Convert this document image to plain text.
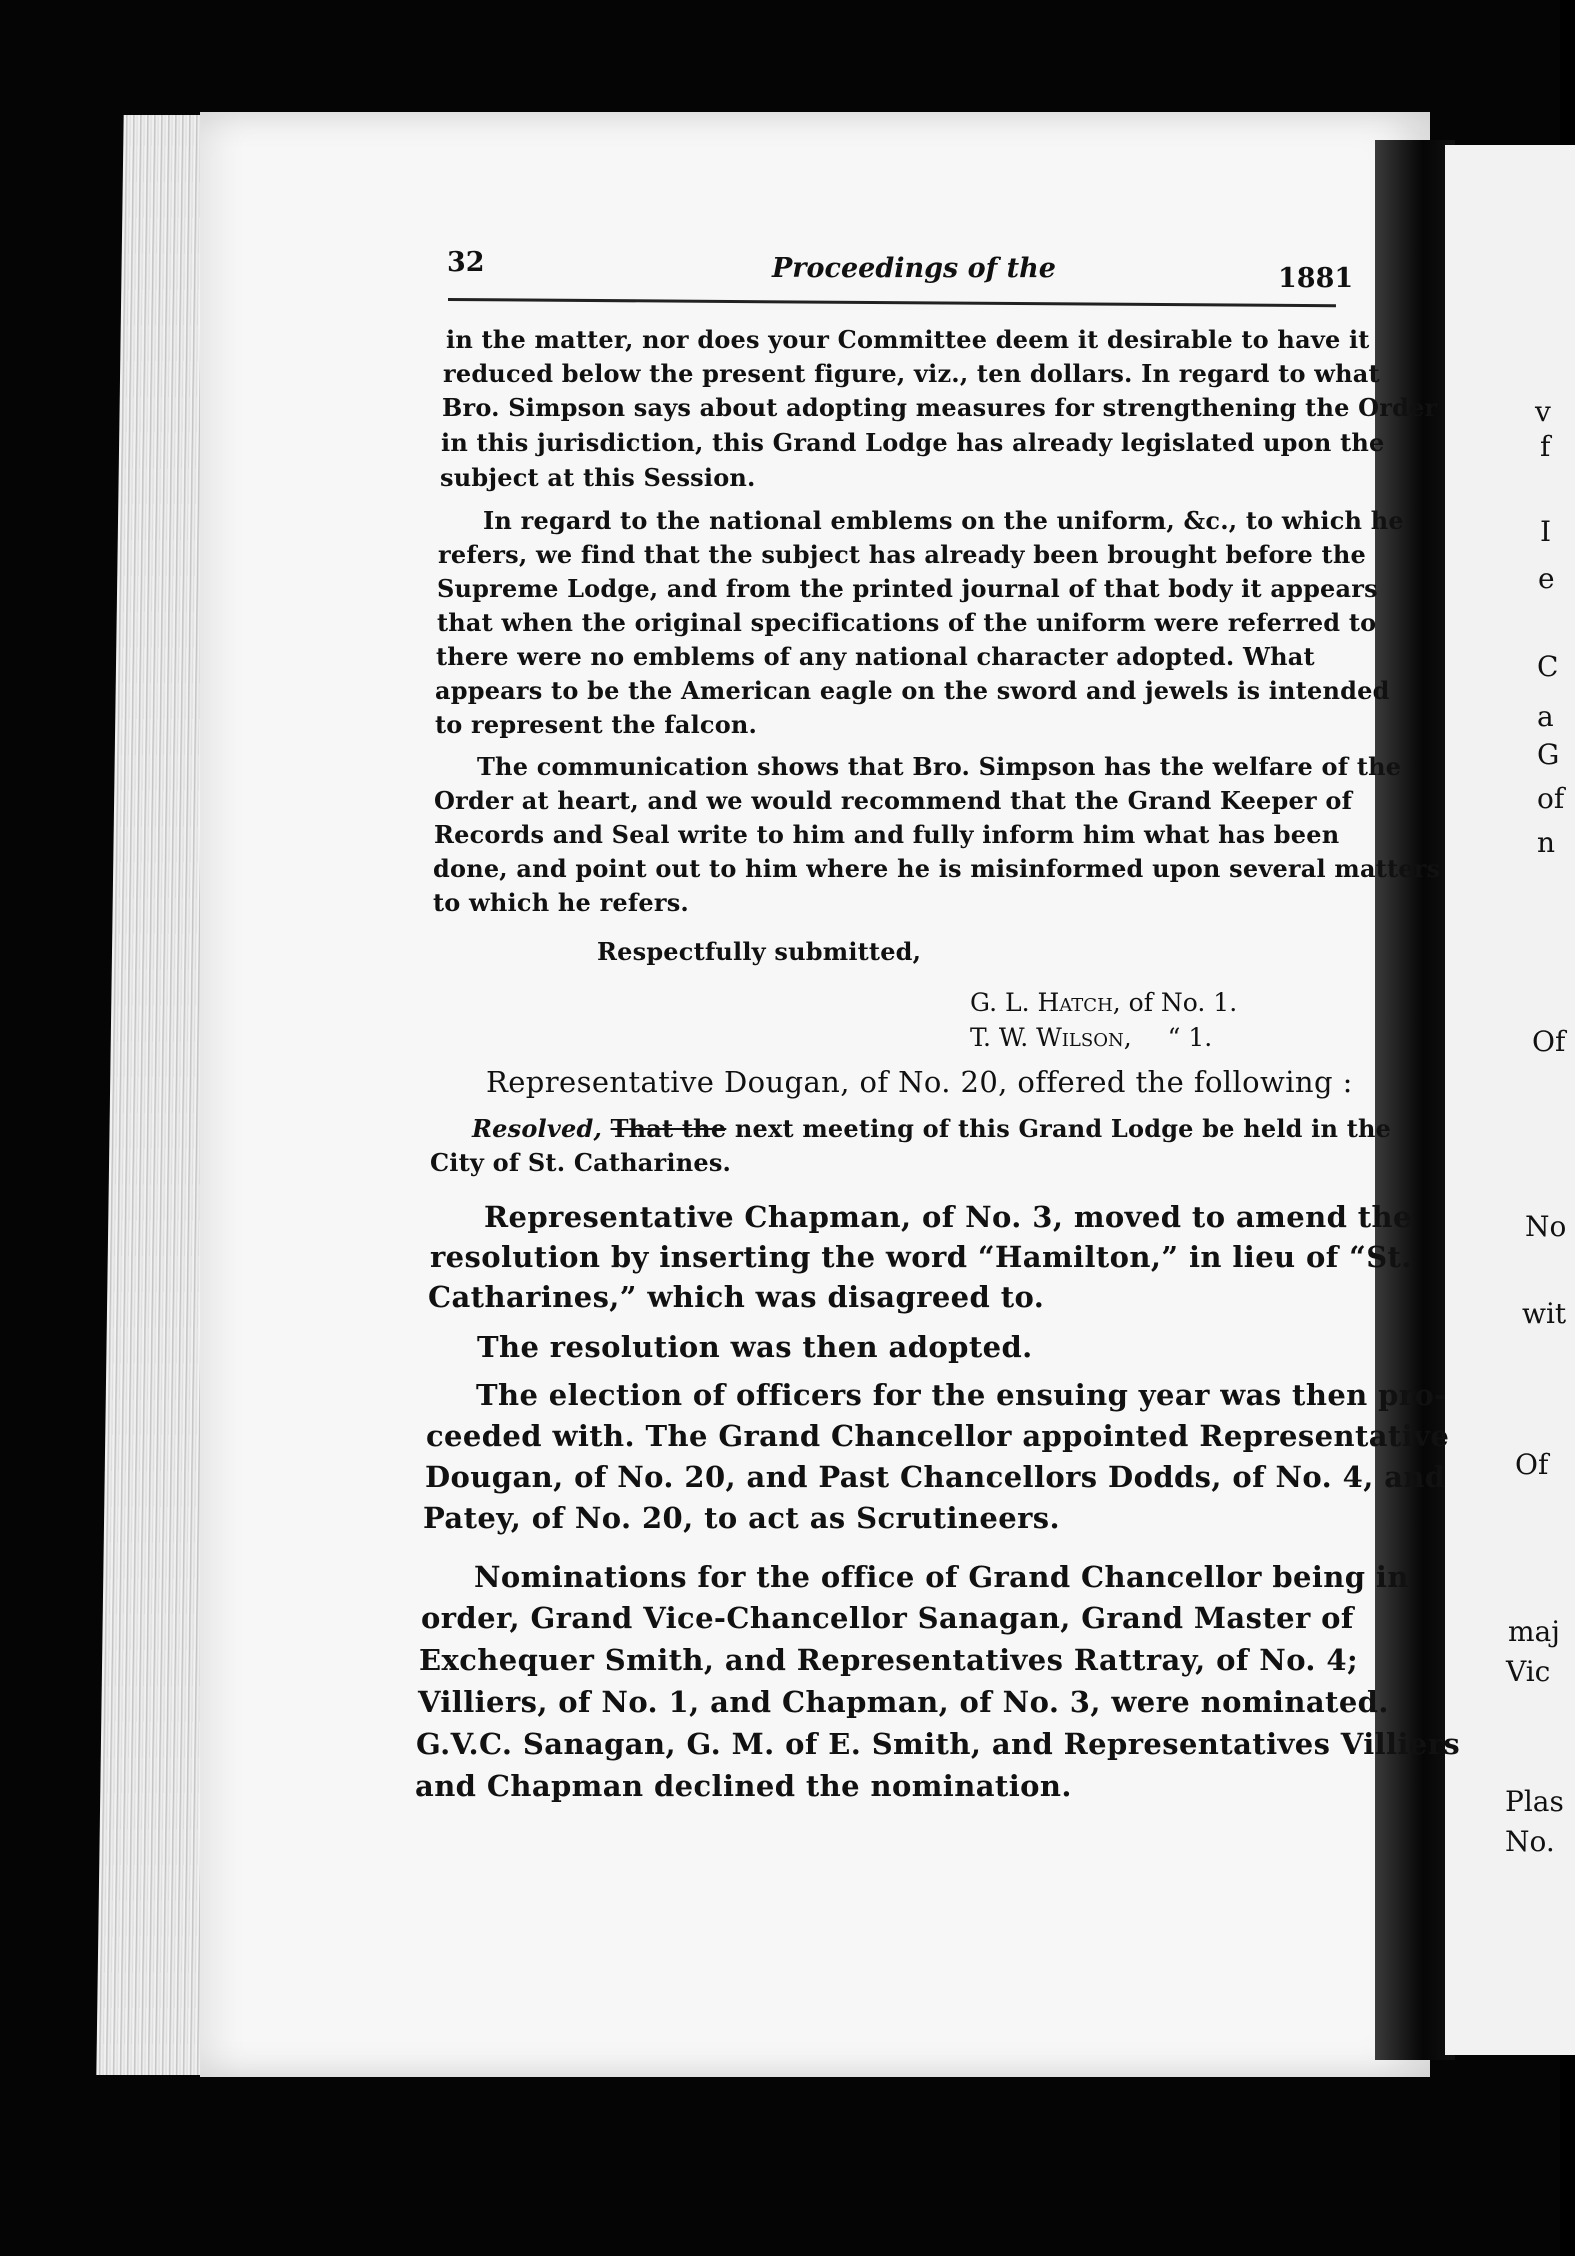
32	Proceedings of the	1881
in the matter, nor does your Committee deem it desirable to have it
reduced below the present figure, viz., ten dollars. In regard to what
Bro. Simpson says about adopting measures for strengthening the Order
in this jurisdiction, this Grand Lodge has already legislated upon the
subject at this Session.
In regard to the national emblems on the uniform, &c., to which he
refers, we find that the subject has already been brought before the
Supreme Lodge, and from the printed journal of that body it appears
that when the original specifications of the uniform were referred to
there were no emblems of any national character adopted. What
appears to be the American eagle on the sword and jewels is intended
to represent the falcon.
The communication shows that Bro. Simpson has the welfare of the
Order at heart, and we would recommend that the Grand Keeper of
Records and Seal write to him and fully inform him what has been
done, and point out to him where he is misinformed upon several matters
to which he refers.
Respectfully submitted,
G. L. Hatch, of No. 1.
T. W. Wilson, “ 1.
Representative Dougan, of No. 20, offered the following :
Resolved, That the next meeting of this Grand Lodge be held in the
City of St. Catharines.
Representative Chapman, of No. 3, moved to amend the
resolution by inserting the word “Hamilton,” in lieu of “St.
Catharines,” which was disagreed to.
The resolution was then adopted.
The election of officers for the ensuing year was then pro-
ceeded with. The Grand Chancellor appointed Representative
Dougan, of No. 20, and Past Chancellors Dodds, of No. 4, and
Patey, of No. 20, to act as Scrutineers.
Nominations for the office of Grand Chancellor being in
order, Grand Vice-Chancellor Sanagan, Grand Master of
Exchequer Smith, and Representatives Rattray, of No. 4;
Villiers, of No. 1, and Chapman, of No. 3, were nominated.
G.V.C. Sanagan, G. M. of E. Smith, and Representatives Villiers
and Chapman declined the nomination.
v
f
I
e
C
a
G
of
n
Of
No
wit
Of
maj
Vic
Plas
No.
